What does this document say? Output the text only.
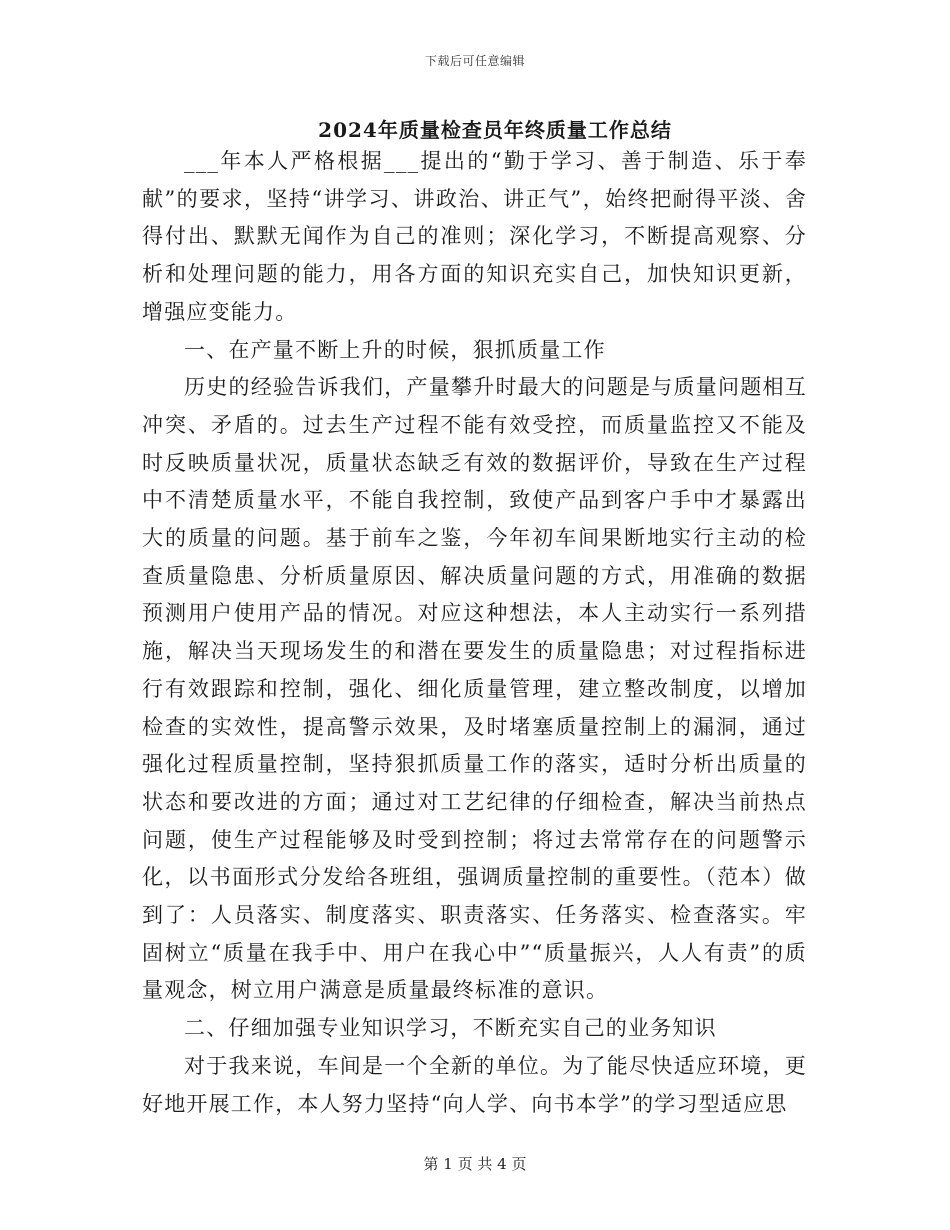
下载后可任意编辑
2024年质量检查员年终质量工作总结

___年本人严格根据___提出的“勤于学习、善于制造、乐于奉献”的要求，坚持“讲学习、讲政治、讲正气”，始终把耐得平淡、舍得付出、默默无闻作为自己的准则；深化学习，不断提高观察、分析和处理问题的能力，用各方面的知识充实自己，加快知识更新，增强应变能力。

一、在产量不断上升的时候，狠抓质量工作

历史的经验告诉我们，产量攀升时最大的问题是与质量问题相互冲突、矛盾的。过去生产过程不能有效受控，而质量监控又不能及时反映质量状况，质量状态缺乏有效的数据评价，导致在生产过程中不清楚质量水平，不能自我控制，致使产品到客户手中才暴露出大的质量的问题。基于前车之鉴，今年初车间果断地实行主动的检查质量隐患、分析质量原因、解决质量问题的方式，用准确的数据预测用户使用产品的情况。对应这种想法，本人主动实行一系列措施，解决当天现场发生的和潜在要发生的质量隐患；对过程指标进行有效跟踪和控制，强化、细化质量管理，建立整改制度，以增加检查的实效性，提高警示效果，及时堵塞质量控制上的漏洞，通过强化过程质量控制，坚持狠抓质量工作的落实，适时分析出质量的状态和要改进的方面；通过对工艺纪律的仔细检查，解决当前热点问题，使生产过程能够及时受到控制；将过去常常存在的问题警示化，以书面形式分发给各班组，强调质量控制的重要性。（范本）做到了：人员落实、制度落实、职责落实、任务落实、检查落实。牢固树立“质量在我手中、用户在我心中”“质量振兴，人人有责”的质量观念，树立用户满意是质量最终标准的意识。

二、仔细加强专业知识学习，不断充实自己的业务知识

对于我来说，车间是一个全新的单位。为了能尽快适应环境，更好地开展工作，本人努力坚持“向人学、向书本学”的学习型适应思

第 1 页 共 4 页
